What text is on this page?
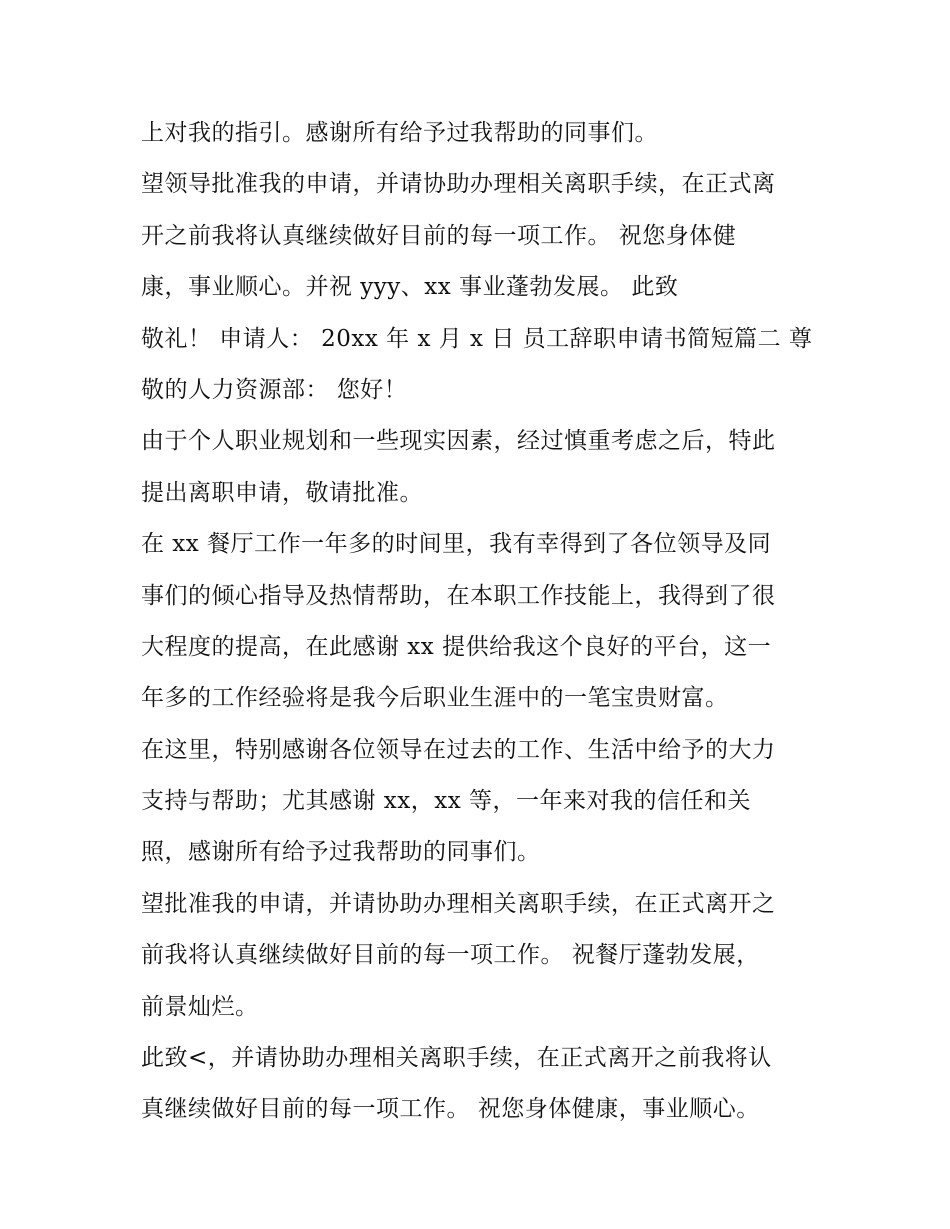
上对我的指引。感谢所有给予过我帮助的同事们。
望领导批准我的申请，并请协助办理相关离职手续，在正式离
开之前我将认真继续做好目前的每一项工作。 祝您身体健
康，事业顺心。并祝 yyy、xx 事业蓬勃发展。 此致
敬礼！ 申请人： 20xx 年 x 月 x 日 员工辞职申请书简短篇二 尊
敬的人力资源部： 您好！
由于个人职业规划和一些现实因素，经过慎重考虑之后，特此
提出离职申请，敬请批准。
在 xx 餐厅工作一年多的时间里，我有幸得到了各位领导及同
事们的倾心指导及热情帮助，在本职工作技能上，我得到了很
大程度的提高，在此感谢 xx 提供给我这个良好的平台，这一
年多的工作经验将是我今后职业生涯中的一笔宝贵财富。
在这里，特别感谢各位领导在过去的工作、生活中给予的大力
支持与帮助；尤其感谢 xx，xx 等，一年来对我的信任和关
照，感谢所有给予过我帮助的同事们。
望批准我的申请，并请协助办理相关离职手续，在正式离开之
前我将认真继续做好目前的每一项工作。 祝餐厅蓬勃发展，
前景灿烂。
此致<，并请协助办理相关离职手续，在正式离开之前我将认
真继续做好目前的每一项工作。 祝您身体健康，事业顺心。
